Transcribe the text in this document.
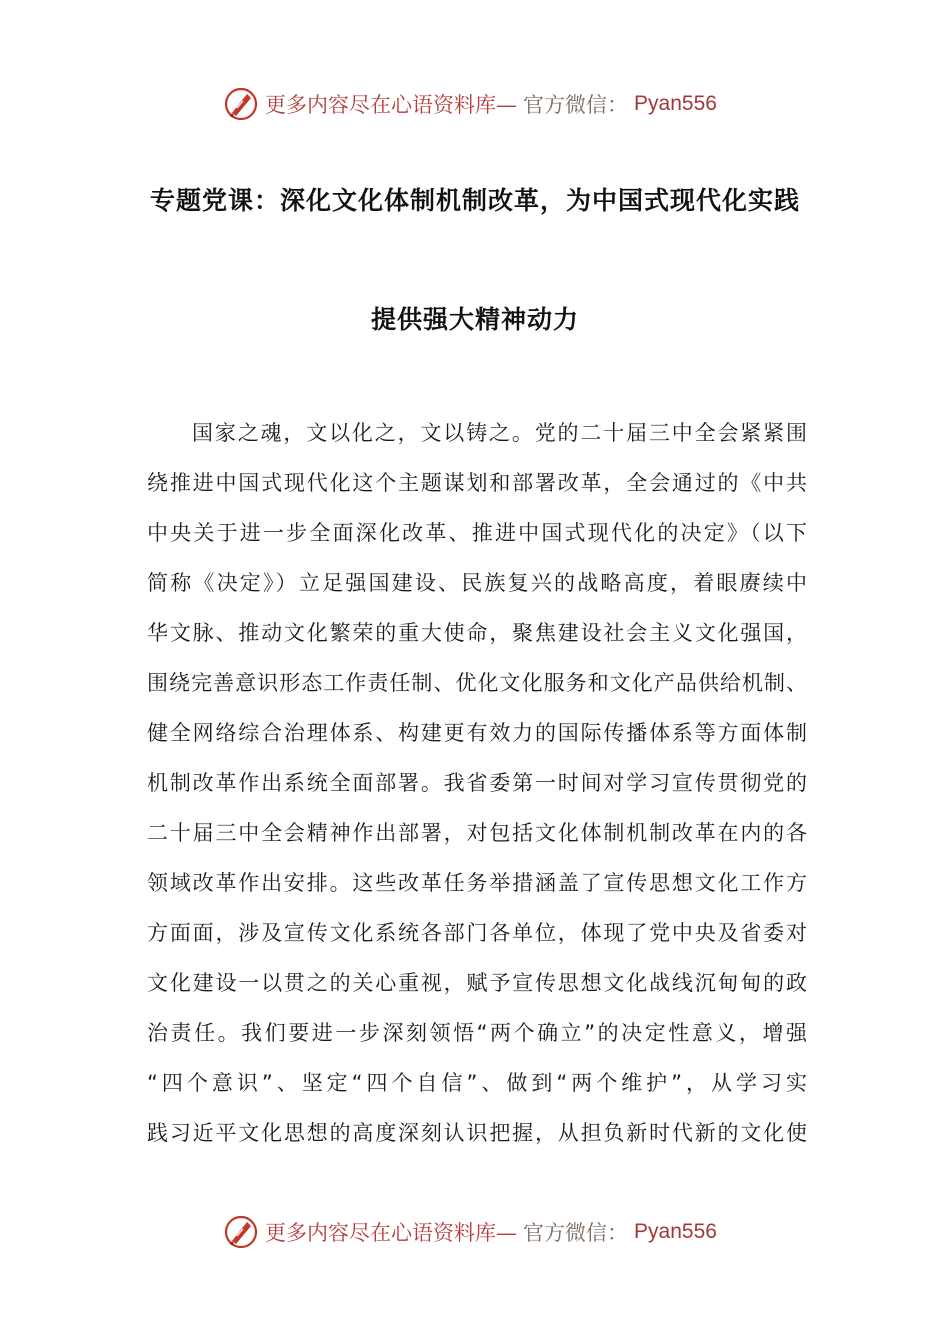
更多内容尽在心语资料库— 官方微信： Pyan556
专题党课：深化文化体制机制改革，为中国式现代化实践
提供强大精神动力
国家之魂，文以化之，文以铸之。党的二十届三中全会紧紧围
绕推进中国式现代化这个主题谋划和部署改革，全会通过的《中共
中央关于进一步全面深化改革、推进中国式现代化的决定》（以下
简称《决定》）立足强国建设、民族复兴的战略高度，着眼赓续中
华文脉、推动文化繁荣的重大使命，聚焦建设社会主义文化强国，
围绕完善意识形态工作责任制、优化文化服务和文化产品供给机制、
健全网络综合治理体系、构建更有效力的国际传播体系等方面体制
机制改革作出系统全面部署。我省委第一时间对学习宣传贯彻党的
二十届三中全会精神作出部署，对包括文化体制机制改革在内的各
领域改革作出安排。这些改革任务举措涵盖了宣传思想文化工作方
方面面，涉及宣传文化系统各部门各单位，体现了党中央及省委对
文化建设一以贯之的关心重视，赋予宣传思想文化战线沉甸甸的政
治责任。我们要进一步深刻领悟“两个确立”的决定性意义，增强
“四个意识”、坚定“四个自信”、做到“两个维护”，从学习实
践习近平文化思想的高度深刻认识把握，从担负新时代新的文化使
更多内容尽在心语资料库— 官方微信： Pyan556
